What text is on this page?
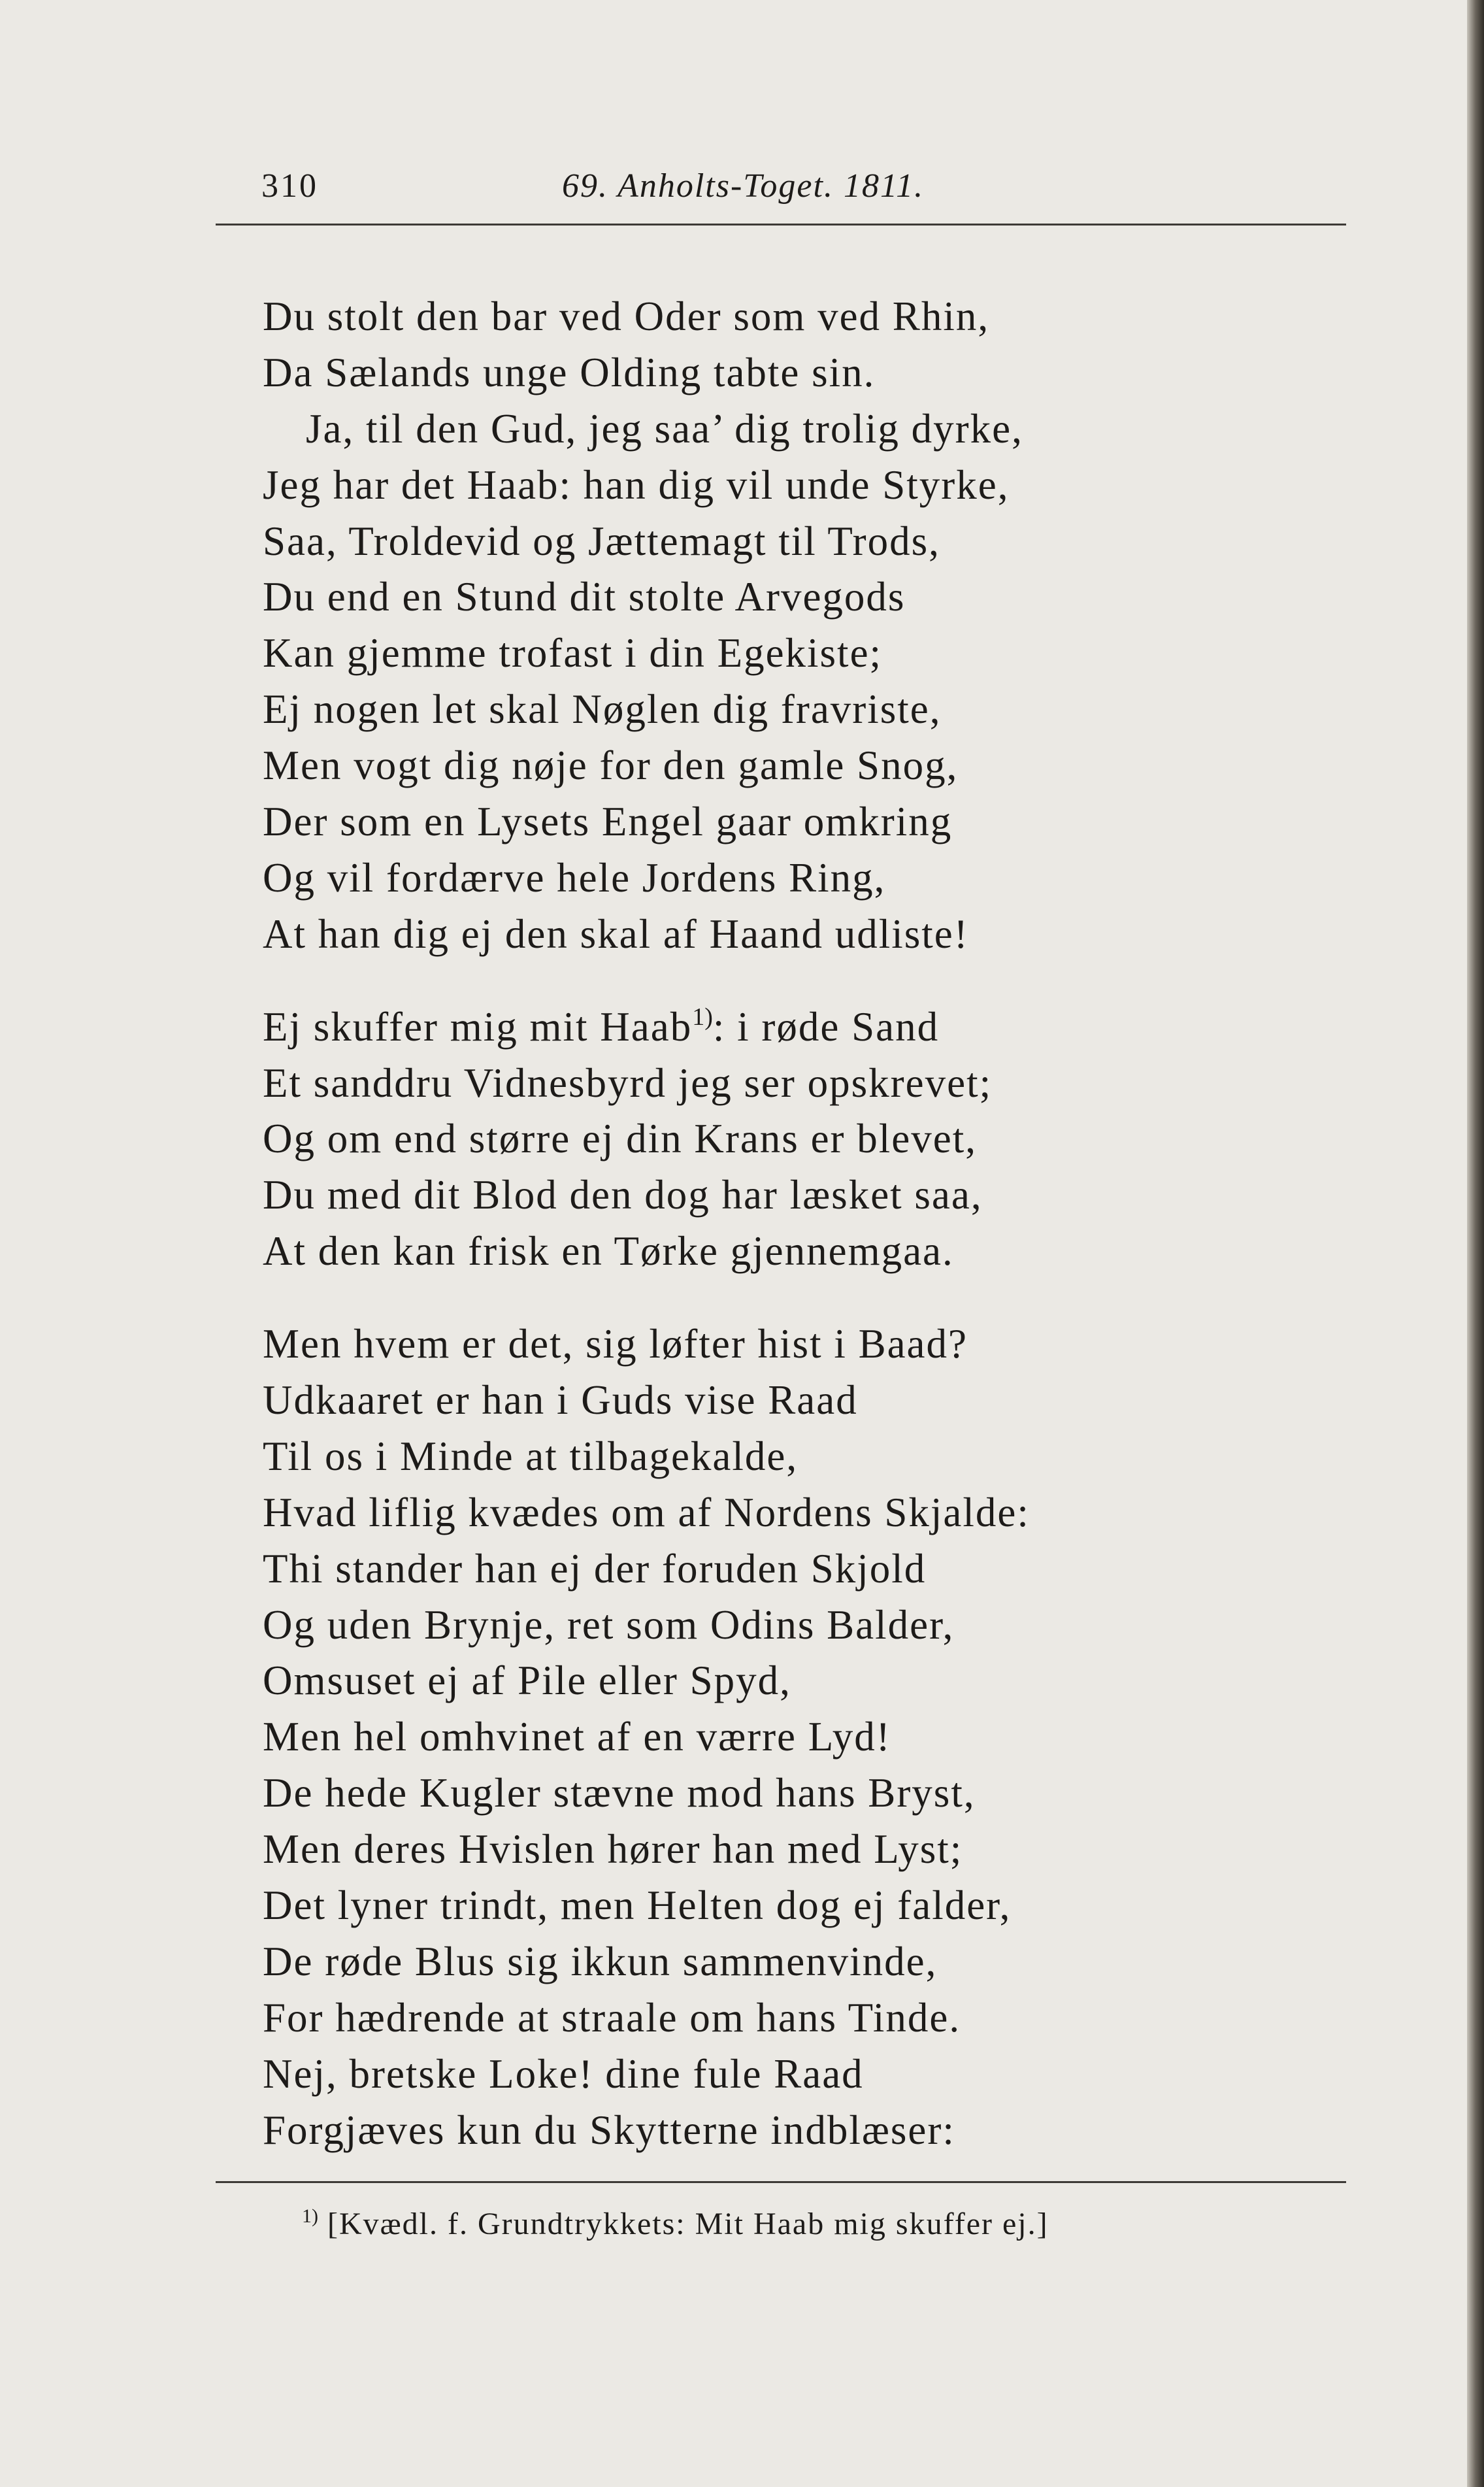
310	69. Anholts-Toget. 1811.
Du stolt den bar ved Oder som ved Rhin,
Da Sælands unge Olding tabte sin.
Ja, til den Gud, jeg saa’ dig trolig dyrke,
Jeg har det Haab: han dig vil unde Styrke,
Saa, Troldevid og Jættemagt til Trods,
Du end en Stund dit stolte Arvegods
Kan gjemme trofast i din Egekiste;
Ej nogen let skal Nøglen dig fravriste,
Men vogt dig nøje for den gamle Snog,
Der som en Lysets Engel gaar omkring
Og vil fordærve hele Jordens Ring,
At han dig ej den skal af Haand udliste!
Ej skuffer mig mit Haab$^{1)}$: i røde Sand
Et sanddru Vidnesbyrd jeg ser opskrevet;
Og om end større ej din Krans er blevet,
Du med dit Blod den dog har læsket saa,
At den kan frisk en Tørke gjennemgaa.
Men hvem er det, sig løfter hist i Baad?
Udkaaret er han i Guds vise Raad
Til os i Minde at tilbagekalde,
Hvad liflig kvædes om af Nordens Skjalde:
Thi stander han ej der foruden Skjold
Og uden Brynje, ret som Odins Balder,
Omsuset ej af Pile eller Spyd,
Men hel omhvinet af en værre Lyd!
De hede Kugler stævne mod hans Bryst,
Men deres Hvislen hører han med Lyst;
Det lyner trindt, men Helten dog ej falder,
De røde Blus sig ikkun sammenvinde,
For hædrende at straale om hans Tinde.
Nej, bretske Loke! dine fule Raad
Forgjæves kun du Skytterne indblæser:
$^{1)}$ [Kvædl. f. Grundtrykkets: Mit Haab mig skuffer ej.]
